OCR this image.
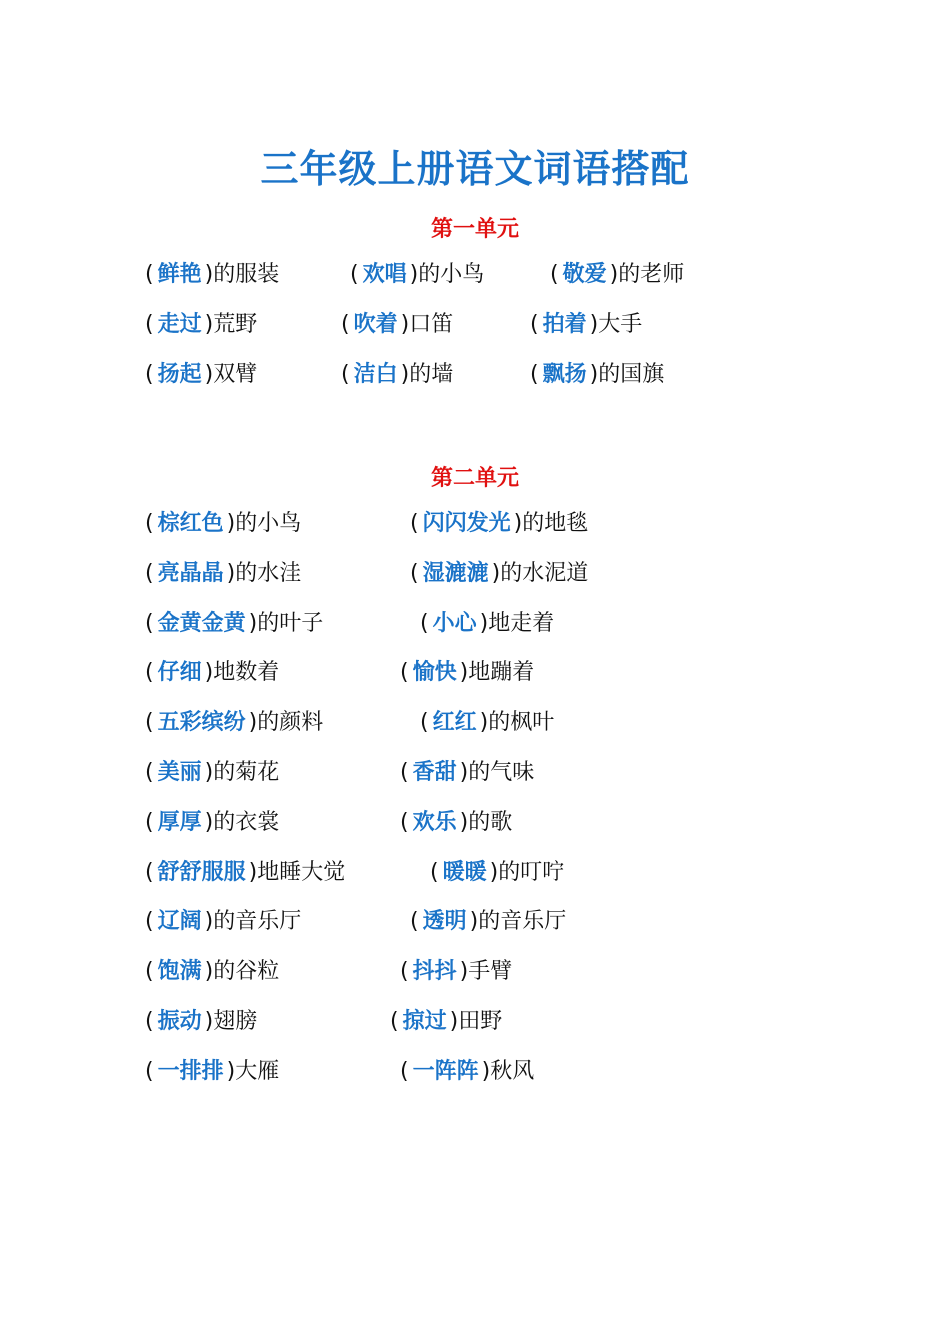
三年级上册语文词语搭配
第一单元
( 鲜艳 )的服装	( 欢唱 )的小鸟	( 敬爱 )的老师
( 走过 )荒野	( 吹着 )口笛	( 拍着 )大手
( 扬起 )双臂	( 洁白 )的墙	( 飘扬 )的国旗
第二单元
( 棕红色 )的小鸟	( 闪闪发光 )的地毯
( 亮晶晶 )的水洼	( 湿漉漉 )的水泥道
( 金黄金黄 )的叶子	( 小心 )地走着
( 仔细 )地数着	( 愉快 )地蹦着
( 五彩缤纷 )的颜料	( 红红 )的枫叶
( 美丽 )的菊花	( 香甜 )的气味
( 厚厚 )的衣裳	( 欢乐 )的歌
( 舒舒服服 )地睡大觉	( 暖暖 )的叮咛
( 辽阔 )的音乐厅	( 透明 )的音乐厅
( 饱满 )的谷粒	( 抖抖 )手臂
( 振动 )翅膀	( 掠过 )田野
( 一排排 )大雁	( 一阵阵 )秋风
